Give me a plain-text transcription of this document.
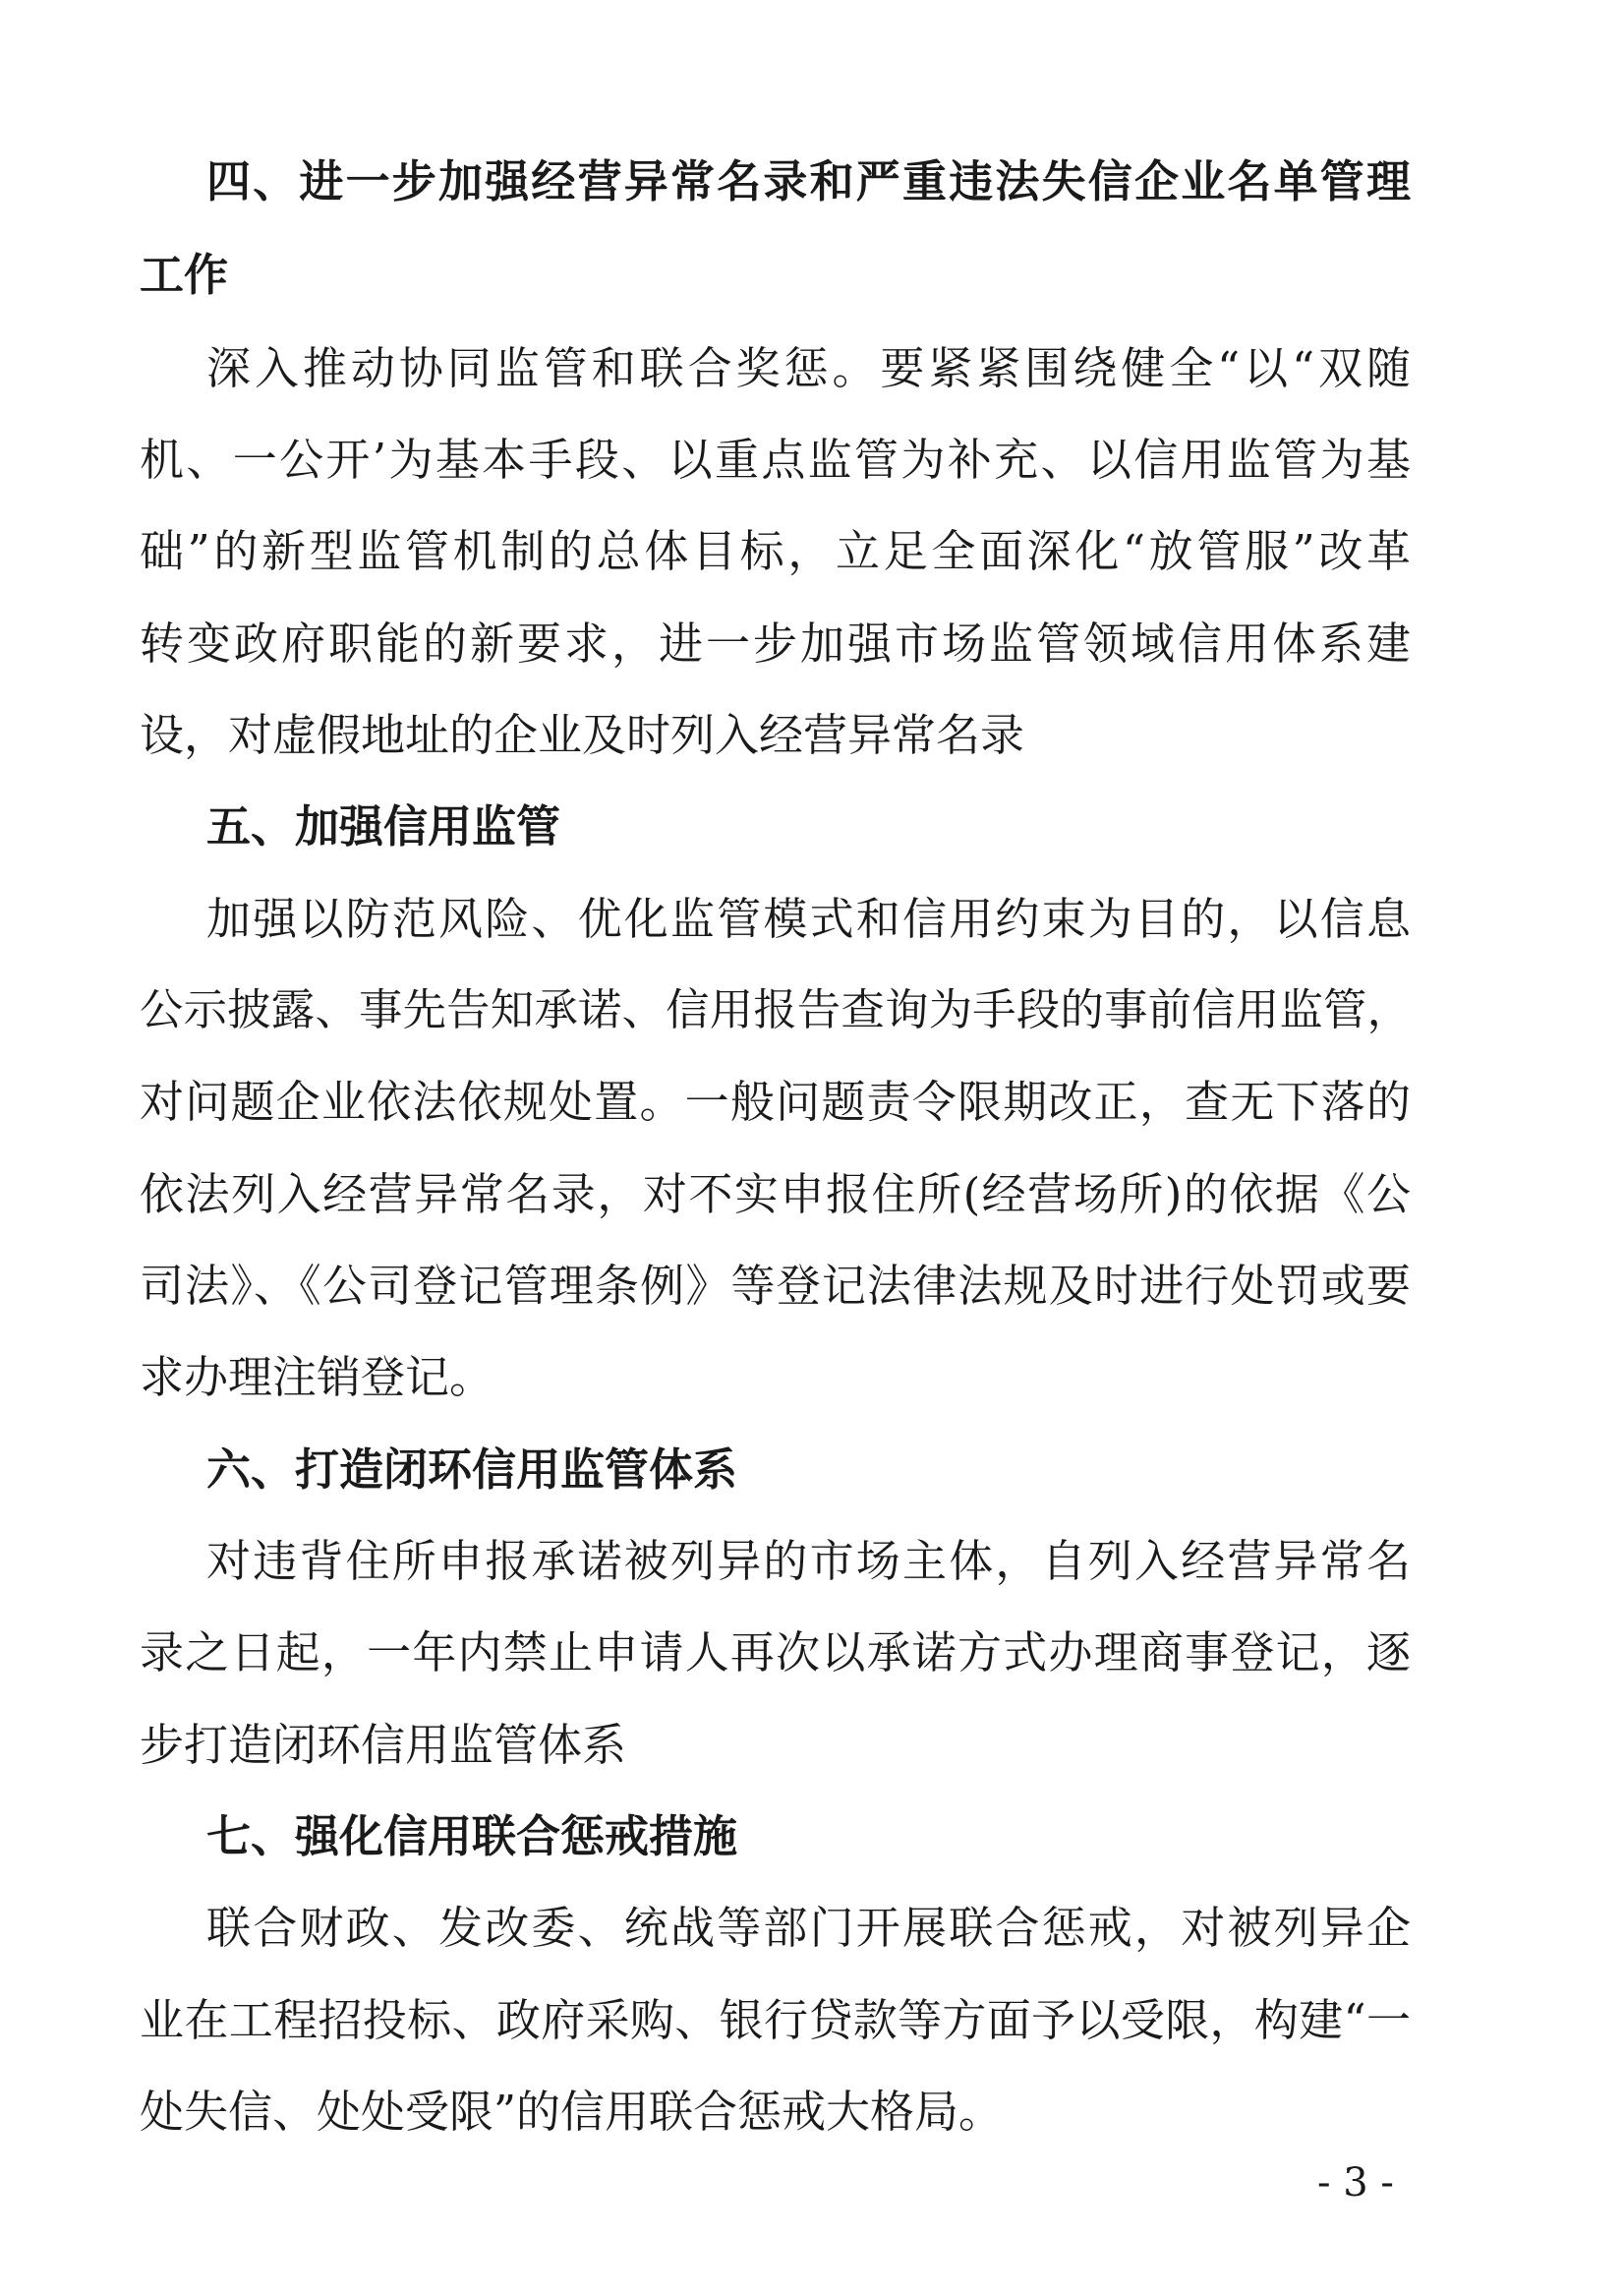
四、进一步加强经营异常名录和严重违法失信企业名单管理
工作
深入推动协同监管和联合奖惩。要紧紧围绕健全“以“双随
机、一公开’为基本手段、以重点监管为补充、以信用监管为基
础”的新型监管机制的总体目标，立足全面深化“放管服”改革
转变政府职能的新要求，进一步加强市场监管领域信用体系建
设，对虚假地址的企业及时列入经营异常名录
五、加强信用监管
加强以防范风险、优化监管模式和信用约束为目的，以信息
公示披露、事先告知承诺、信用报告查询为手段的事前信用监管，
对问题企业依法依规处置。一般问题责令限期改正，查无下落的
依法列入经营异常名录，对不实申报住所(经营场所)的依据《公
司法》、《公司登记管理条例》等登记法律法规及时进行处罚或要
求办理注销登记。
六、打造闭环信用监管体系
对违背住所申报承诺被列异的市场主体，自列入经营异常名
录之日起，一年内禁止申请人再次以承诺方式办理商事登记，逐
步打造闭环信用监管体系
七、强化信用联合惩戒措施
联合财政、发改委、统战等部门开展联合惩戒，对被列异企
业在工程招投标、政府采购、银行贷款等方面予以受限，构建“一
处失信、处处受限”的信用联合惩戒大格局。
- 3 -
